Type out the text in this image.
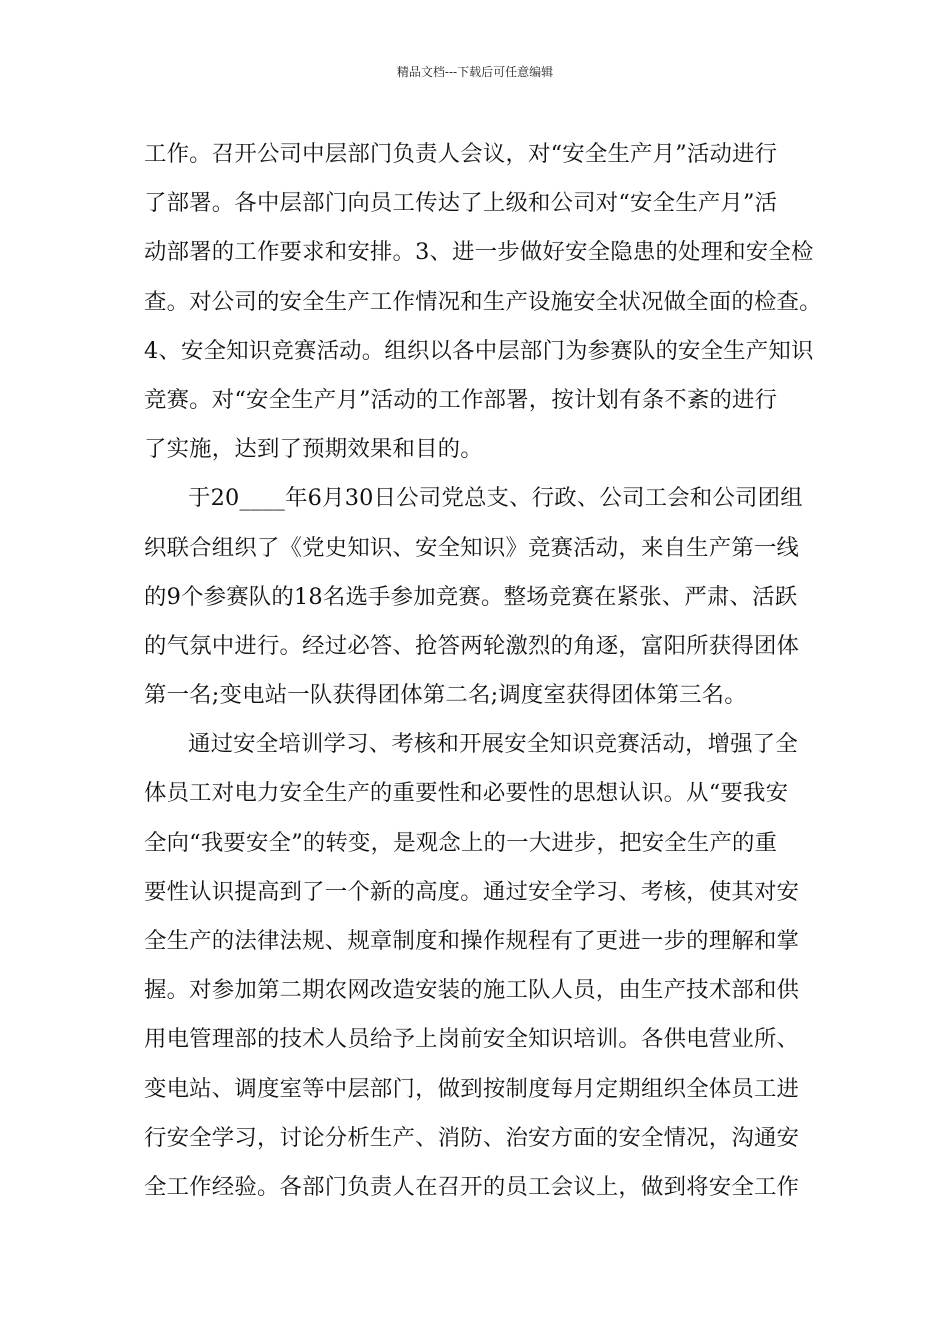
精品文档---下载后可任意编辑
工作。召开公司中层部门负责人会议，对“安全生产月”活动进行
了部署。各中层部门向员工传达了上级和公司对“安全生产月”活
动部署的工作要求和安排。3、进一步做好安全隐患的处理和安全检
查。对公司的安全生产工作情况和生产设施安全状况做全面的检查。
4、安全知识竞赛活动。组织以各中层部门为参赛队的安全生产知识
竞赛。对“安全生产月”活动的工作部署，按计划有条不紊的进行
了实施，达到了预期效果和目的。
于20____年6月30日公司党总支、行政、公司工会和公司团组
织联合组织了《党史知识、安全知识》竞赛活动，来自生产第一线
的9个参赛队的18名选手参加竞赛。整场竞赛在紧张、严肃、活跃
的气氛中进行。经过必答、抢答两轮激烈的角逐，富阳所获得团体
第一名;变电站一队获得团体第二名;调度室获得团体第三名。
通过安全培训学习、考核和开展安全知识竞赛活动，增强了全
体员工对电力安全生产的重要性和必要性的思想认识。从“要我安
全向“我要安全”的转变，是观念上的一大进步，把安全生产的重
要性认识提高到了一个新的高度。通过安全学习、考核，使其对安
全生产的法律法规、规章制度和操作规程有了更进一步的理解和掌
握。对参加第二期农网改造安装的施工队人员，由生产技术部和供
用电管理部的技术人员给予上岗前安全知识培训。各供电营业所、
变电站、调度室等中层部门，做到按制度每月定期组织全体员工进
行安全学习，讨论分析生产、消防、治安方面的安全情况，沟通安
全工作经验。各部门负责人在召开的员工会议上，做到将安全工作
